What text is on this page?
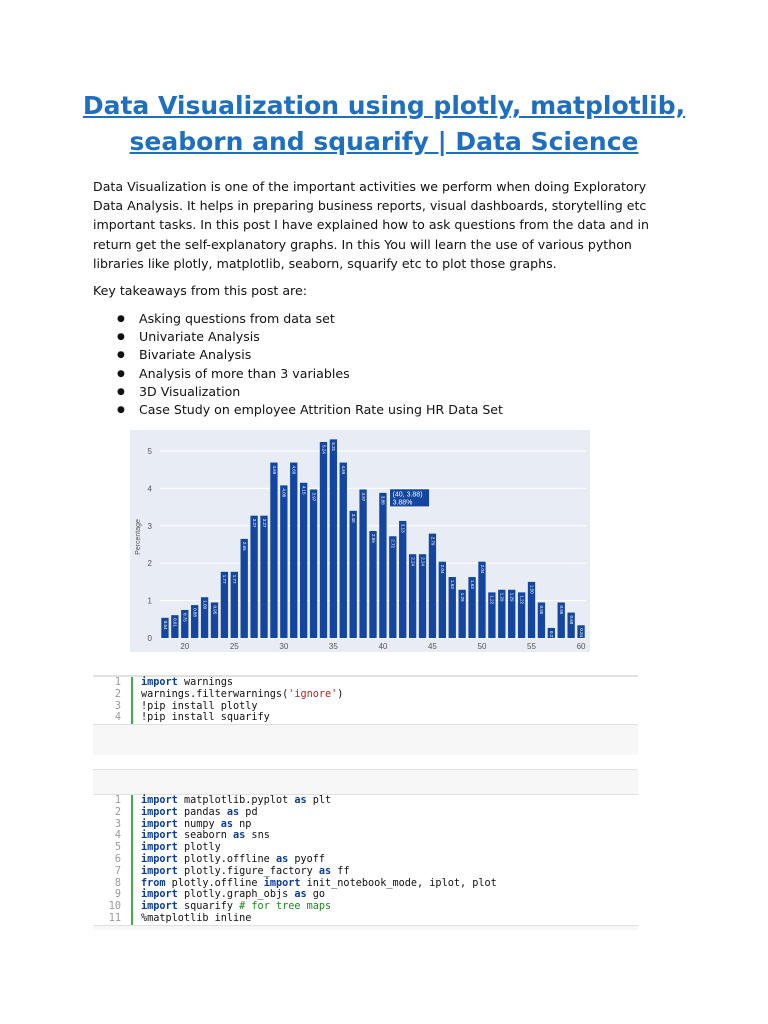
Data Visualization using plotly, matplotlib, seaborn and squarify | Data Science
Data Visualization is one of the important activities we perform when doing Exploratory Data Analysis. It helps in preparing business reports, visual dashboards, storytelling etc important tasks. In this post I have explained how to ask questions from the data and in return get the self-explanatory graphs. In this You will learn the use of various python libraries like plotly, matplotlib, seaborn, squarify etc to plot those graphs.
Key takeaways from this post are:
● Asking questions from data set
● Univariate Analysis
● Bivariate Analysis
● Analysis of more than 3 variables
● 3D Visualization
● Case Study on employee Attrition Rate using HR Data Set
0
1
2
3
4
5
20	25	30	35	40	45	50	55	60
Percentage
0.54 0.61
0.75
0.88
1.09
0.95
1.77 1.77
2.65
3.27 3.27
4.69
4.08
4.69
4.15
3.97
5.24 5.31
4.69
3.40
3.97
2.86
3.88
2.72
3.13
2.24 2.24
2.79
2.04
1.63
1.29
1.63
2.04
1.22 1.29 1.29 1.22
1.50
0.95
0.27
0.95
0.68
0.34
(40, 3.88)
3.88%
1 import warnings
2 warnings.filterwarnings('ignore')
3 !pip install plotly
4 !pip install squarify
1 import matplotlib.pyplot as plt
2 import pandas as pd
3 import numpy as np
4 import seaborn as sns
5 import plotly
6 import plotly.offline as pyoff
7 import plotly.figure_factory as ff
8 from plotly.offline import init_notebook_mode, iplot, plot
9 import plotly.graph_objs as go
10 import squarify # for tree maps
11 %matplotlib inline
